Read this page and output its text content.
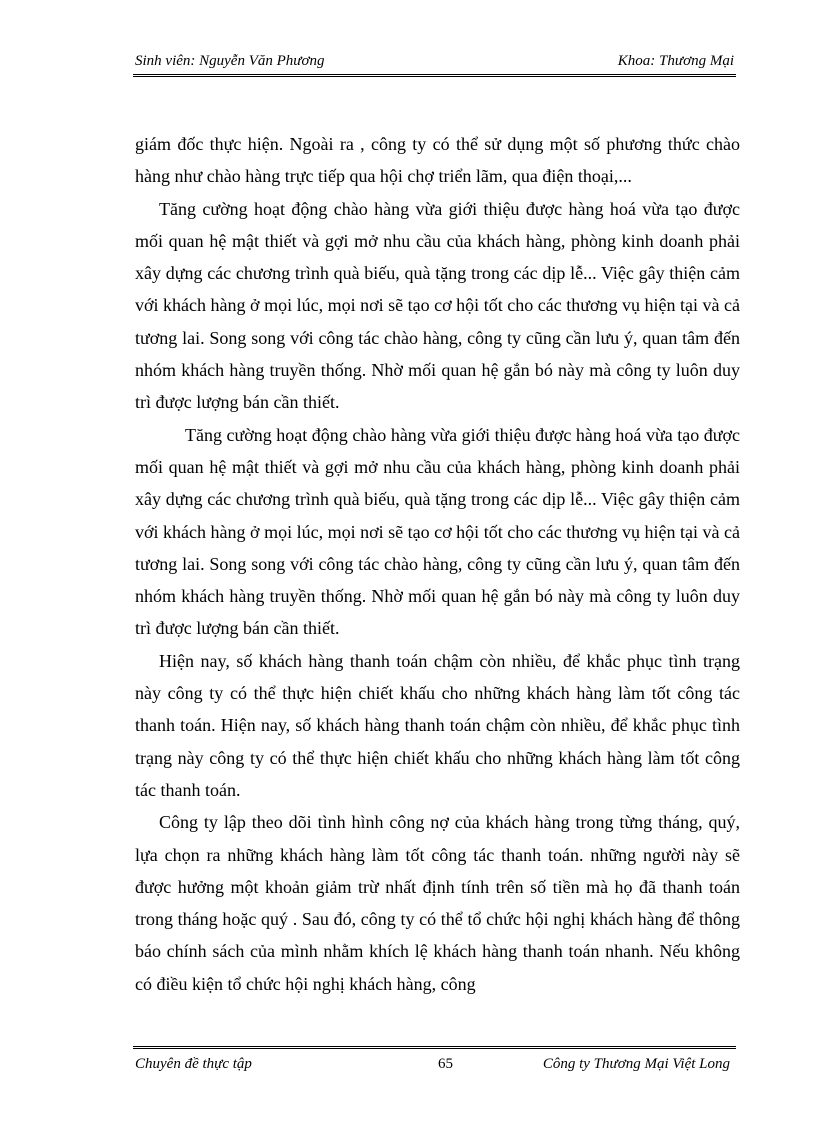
Sinh viên: Nguyễn Văn Phương	Khoa: Thương Mại

giám đốc thực hiện. Ngoài ra , công ty có thể sử dụng một số phương thức chào hàng như chào hàng trực tiếp qua hội chợ triển lãm, qua điện thoại,...

Tăng cường hoạt động chào hàng vừa giới thiệu được hàng hoá vừa tạo được mối quan hệ mật thiết và gợi mở nhu cầu của khách hàng, phòng kinh doanh phải xây dựng các chương trình quà biếu, quà tặng trong các dịp lễ... Việc gây thiện cảm với khách hàng ở mọi lúc, mọi nơi sẽ tạo cơ hội tốt cho các thương vụ hiện tại và cả tương lai. Song song với công tác chào hàng, công ty cũng cần lưu ý, quan tâm đến nhóm khách hàng truyền thống. Nhờ mối quan hệ gắn bó này mà công ty luôn duy trì được lượng bán cần thiết.

Tăng cường hoạt động chào hàng vừa giới thiệu được hàng hoá vừa tạo được mối quan hệ mật thiết và gợi mở nhu cầu của khách hàng, phòng kinh doanh phải xây dựng các chương trình quà biếu, quà tặng trong các dịp lễ... Việc gây thiện cảm với khách hàng ở mọi lúc, mọi nơi sẽ tạo cơ hội tốt cho các thương vụ hiện tại và cả tương lai. Song song với công tác chào hàng, công ty cũng cần lưu ý, quan tâm đến nhóm khách hàng truyền thống. Nhờ mối quan hệ gắn bó này mà công ty luôn duy trì được lượng bán cần thiết.

Hiện nay, số khách hàng thanh toán chậm còn nhiều, để khắc phục tình trạng này công ty có thể thực hiện chiết khấu cho những khách hàng làm tốt công tác thanh toán. Hiện nay, số khách hàng thanh toán chậm còn nhiều, để khắc phục tình trạng này công ty có thể thực hiện chiết khấu cho những khách hàng làm tốt công tác thanh toán.

Công ty lập theo dõi tình hình công nợ của khách hàng trong từng tháng, quý, lựa chọn ra những khách hàng làm tốt công tác thanh toán. những người này sẽ được hưởng một khoản giảm trừ nhất định tính trên số tiền mà họ đã thanh toán trong tháng hoặc quý . Sau đó, công ty có thể tổ chức hội nghị khách hàng để thông báo chính sách của mình nhằm khích lệ khách hàng thanh toán nhanh. Nếu không có điều kiện tổ chức hội nghị khách hàng, công

Chuyên đề thực tập	65	Công ty Thương Mại Việt Long
